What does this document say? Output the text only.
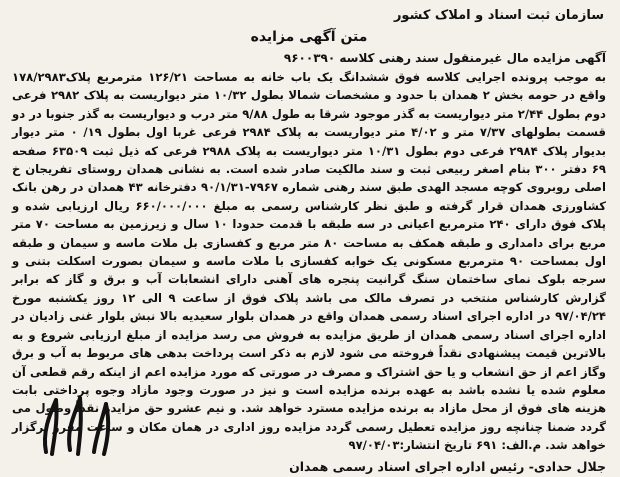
سازمان ثبت اسناد و املاک کشور
متن آگهی مزایده
آگهی مزایده مال غیرمنقول سند رهنی کلاسه ۹۶۰۰۳۹۰

به موجب پرونده اجرایی کلاسه فوق ششدانگ یک باب خانه به مساحت ۱۲۶/۲۱ مترمربع پلاک۱۷۸/۲۹۸۳ واقع در حومه بخش ۲ همدان با حدود و مشخصات شمالا بطول ۱۰/۳۲ متر دیواریست به پلاک ۲۹۸۲ فرعی دوم بطول ۲/۴۴ متر دیواریست به گذر موجود شرقا به طول ۹/۸۸ متر درب و دیواریست به گذر جنوبا در دو قسمت بطولهای ۷/۳۷ متر و ۴/۰۲ متر دیواریست به پلاک ۲۹۸۴ فرعی غربا اول بطول ۱۹/ ۰ متر دیوار بدیوار پلاک ۲۹۸۴ فرعی دوم بطول ۱۰/۳۱ متر دیواریست به پلاک ۲۹۸۸ فرعی که ذیل ثبت ۶۳۵۰۹ صفحه ۶۹ دفتر ۳۰۰ بنام اصغر ربیعی ثبت و سند مالکیت صادر شده است. به نشانی همدان روستای تفریجان خ اصلی روبروی کوچه مسجد الهدی طبق سند رهنی شماره ۷۹۶۷-۹۰/۱/۳۱ دفترخانه ۴۳ همدان در رهن بانک کشاورزی همدان قرار گرفته و طبق نظر کارشناس رسمی به مبلغ ۶۶۰/۰۰۰/۰۰۰ ریال ارزیابی شده و پلاک فوق دارای ۲۴۰ مترمربع اعیانی در سه طبقه با قدمت حدودا ۱۰ سال و زیرزمین به مساحت ۷۰ متر مربع برای دامداری و طبقه همکف به مساحت ۸۰ متر مربع و کفسازی بل ملات ماسه و سیمان و طبقه اول بمساحت ۹۰ مترمربع مسکونی یک خوابه کفسازی با ملات ماسه و سیمان بصورت اسکلت بتنی و سرجه بلوک نمای ساختمان سنگ گرانیت پنجره های آهنی دارای انشعابات آب و برق و گاز که برابر گزارش کارشناس منتخب در تصرف مالک می باشد پلاک فوق از ساعت ۹ الی ۱۲ روز یکشنبه مورخ ۹۷/۰۴/۲۴ در اداره اجرای اسناد رسمی همدان واقع در همدان بلوار سعیدیه بالا نبش بلوار غنی زادیان در اداره اجرای اسناد رسمی همدان از طریق مزایده به فروش می رسد مزایده از مبلغ ارزیابی شروع و به بالاترین قیمت پیشنهادی نقداً فروخته می شود لازم به ذکر است پرداخت بدهی های مربوط به آب و برق وگاز اعم از حق انشعاب و یا حق اشتراک و مصرف در صورتی که مورد مزایده اعم از اینکه رقم قطعی آن معلوم شده یا نشده باشد به عهده برنده مزایده است و نیز در صورت وجود مازاد وجوه پرداختی بابت هزینه های فوق از محل مازاد به برنده مزایده مسترد خواهد شد. و نیم عشرو حق مزایده نقداً وصول می گردد ضمنا چنانچه روز مزایده تعطیل رسمی گردد مزایده روز اداری در همان مکان و ساعت مقرر برگزار خواهد شد. م.الف: ۶۹۱ تاریخ انتشار:۹۷/۰۴/۰۳

جلال حدادی- رئیس اداره اجرای اسناد رسمی همدان
